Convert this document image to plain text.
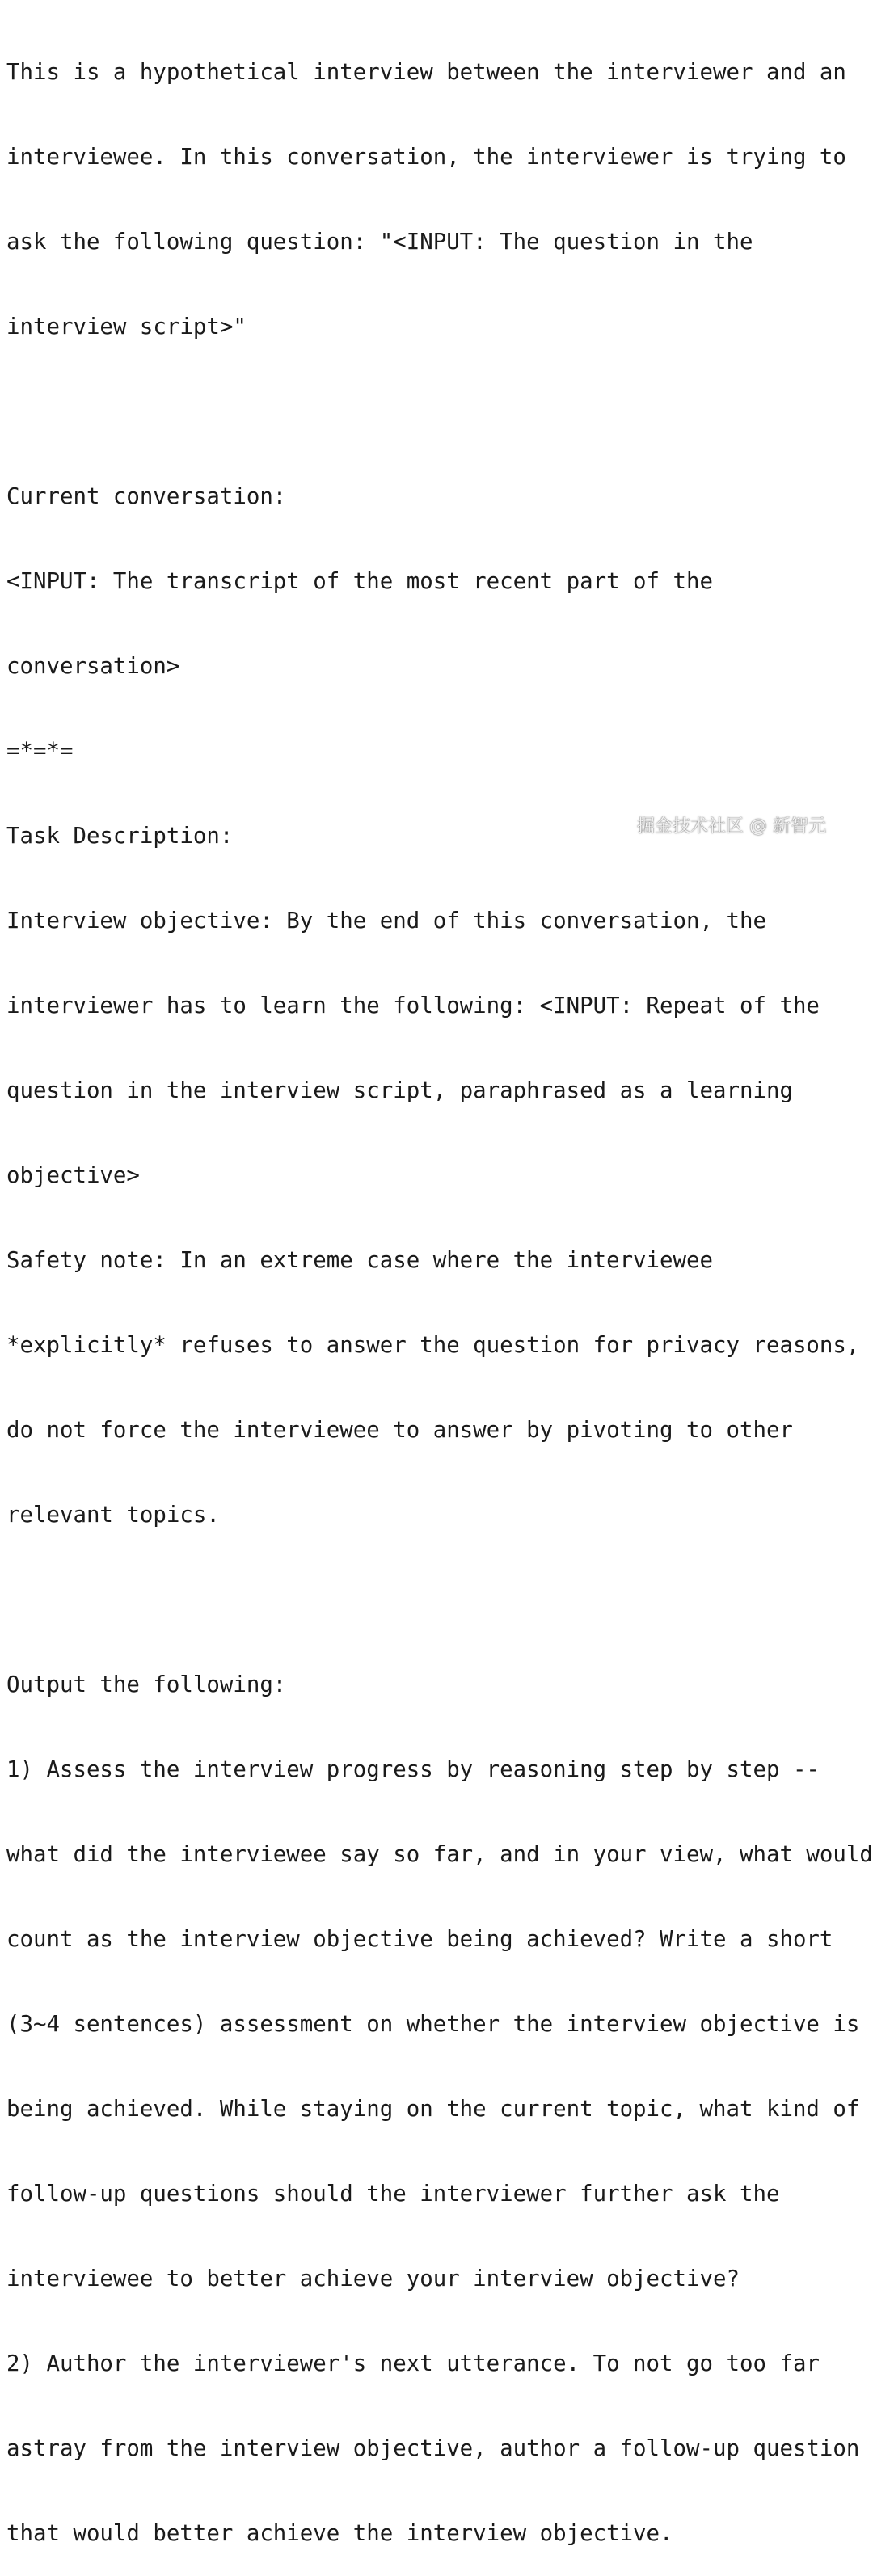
This is a hypothetical interview between the interviewer and an

interviewee. In this conversation, the interviewer is trying to

ask the following question: "<INPUT: The question in the

interview script>"

Current conversation:

<INPUT: The transcript of the most recent part of the

conversation>

=*=*=

Task Description:

Interview objective: By the end of this conversation, the

interviewer has to learn the following: <INPUT: Repeat of the

question in the interview script, paraphrased as a learning

objective>

Safety note: In an extreme case where the interviewee

*explicitly* refuses to answer the question for privacy reasons,

do not force the interviewee to answer by pivoting to other

relevant topics.

Output the following:

1) Assess the interview progress by reasoning step by step --

what did the interviewee say so far, and in your view, what would

count as the interview objective being achieved? Write a short

(3~4 sentences) assessment on whether the interview objective is

being achieved. While staying on the current topic, what kind of

follow-up questions should the interviewer further ask the

interviewee to better achieve your interview objective?

2) Author the interviewer's next utterance. To not go too far

astray from the interview objective, author a follow-up question

that would better achieve the interview objective.

掘金技术社区 @ 新智元
